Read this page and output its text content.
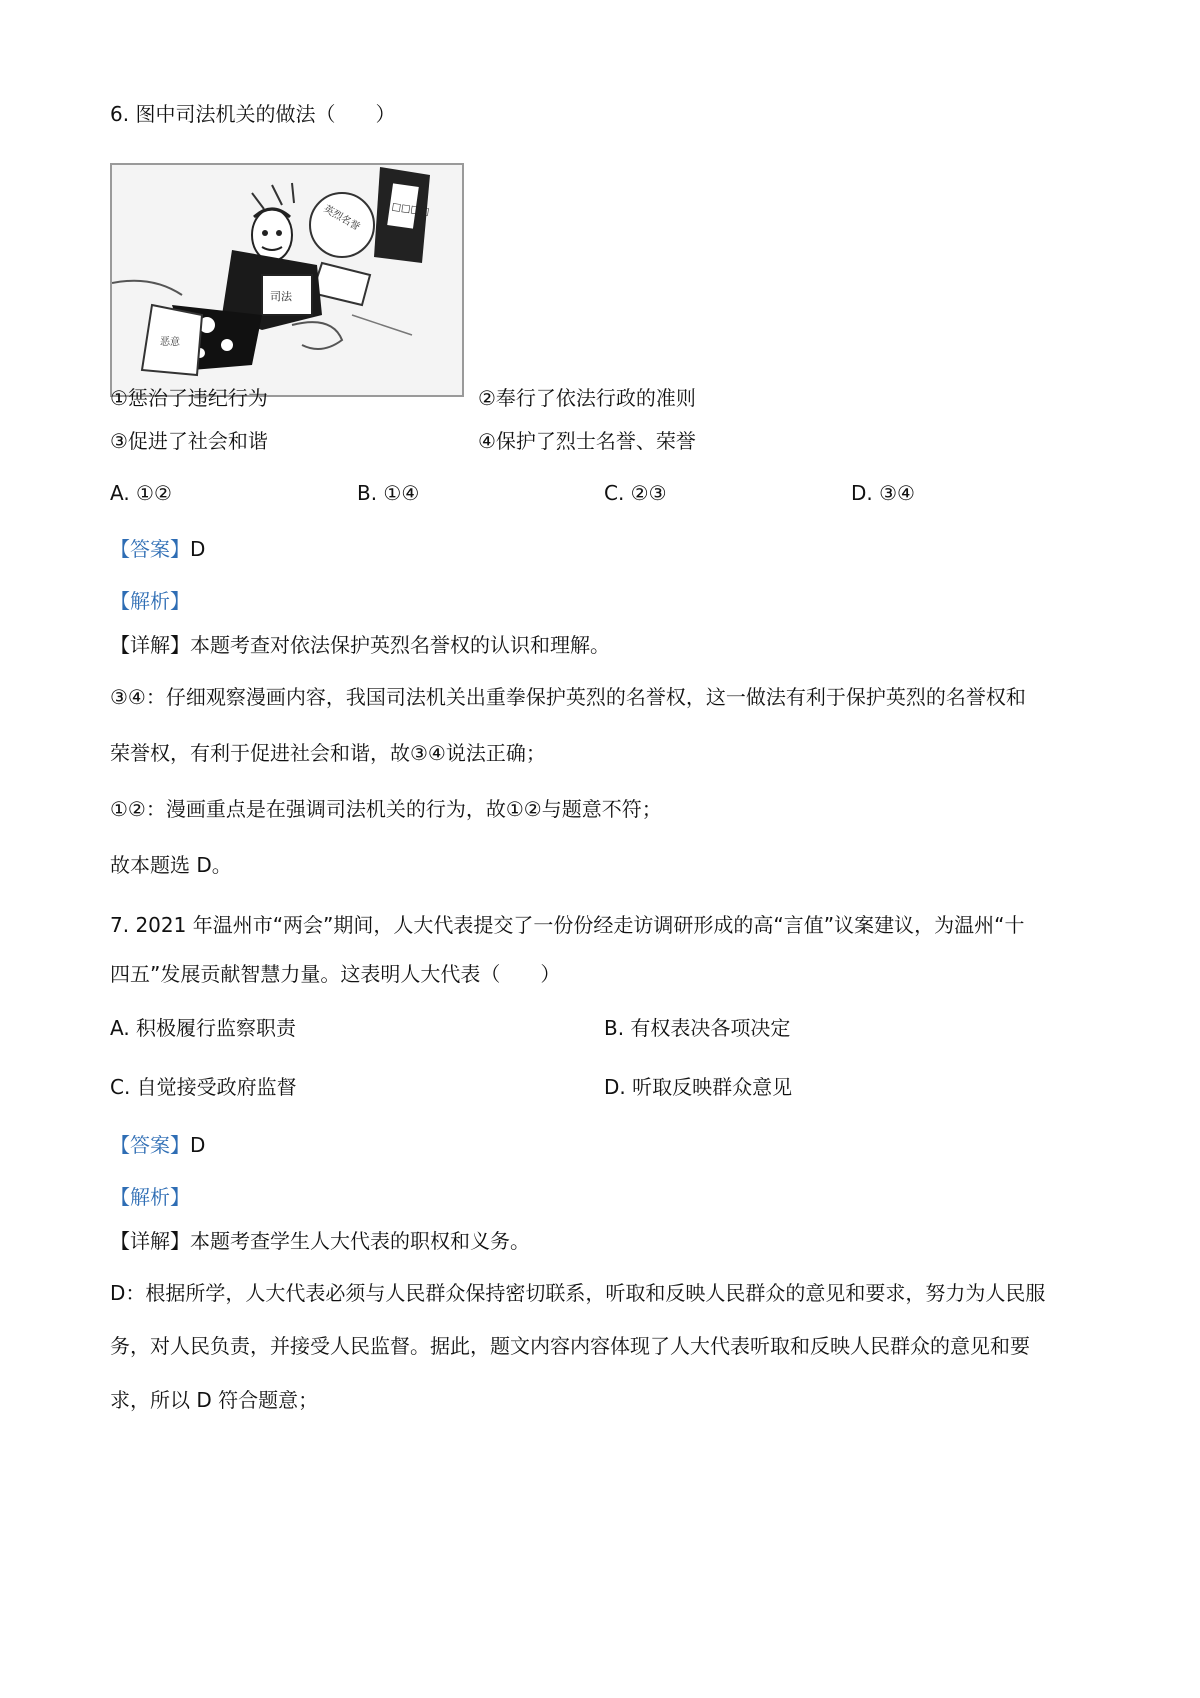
6. 图中司法机关的做法（　　）
□□□□
英烈名誉
司法
恶意
①惩治了违纪行为	②奉行了依法行政的准则
③促进了社会和谐	④保护了烈士名誉、荣誉
A. ①②	B. ①④	C. ②③	D. ③④
【答案】D
【解析】
【详解】本题考查对依法保护英烈名誉权的认识和理解。
③④：仔细观察漫画内容，我国司法机关出重拳保护英烈的名誉权，这一做法有利于保护英烈的名誉权和
荣誉权，有利于促进社会和谐，故③④说法正确；
①②：漫画重点是在强调司法机关的行为，故①②与题意不符；
故本题选 D。
7. 2021 年温州市“两会”期间，人大代表提交了一份份经走访调研形成的高“言值”议案建议，为温州“十
四五”发展贡献智慧力量。这表明人大代表（　　）
A. 积极履行监察职责	B. 有权表决各项决定
C. 自觉接受政府监督	D. 听取反映群众意见
【答案】D
【解析】
【详解】本题考查学生人大代表的职权和义务。
D：根据所学，人大代表必须与人民群众保持密切联系，听取和反映人民群众的意见和要求，努力为人民服
务，对人民负责，并接受人民监督。据此，题文内容内容体现了人大代表听取和反映人民群众的意见和要
求，所以 D 符合题意；
